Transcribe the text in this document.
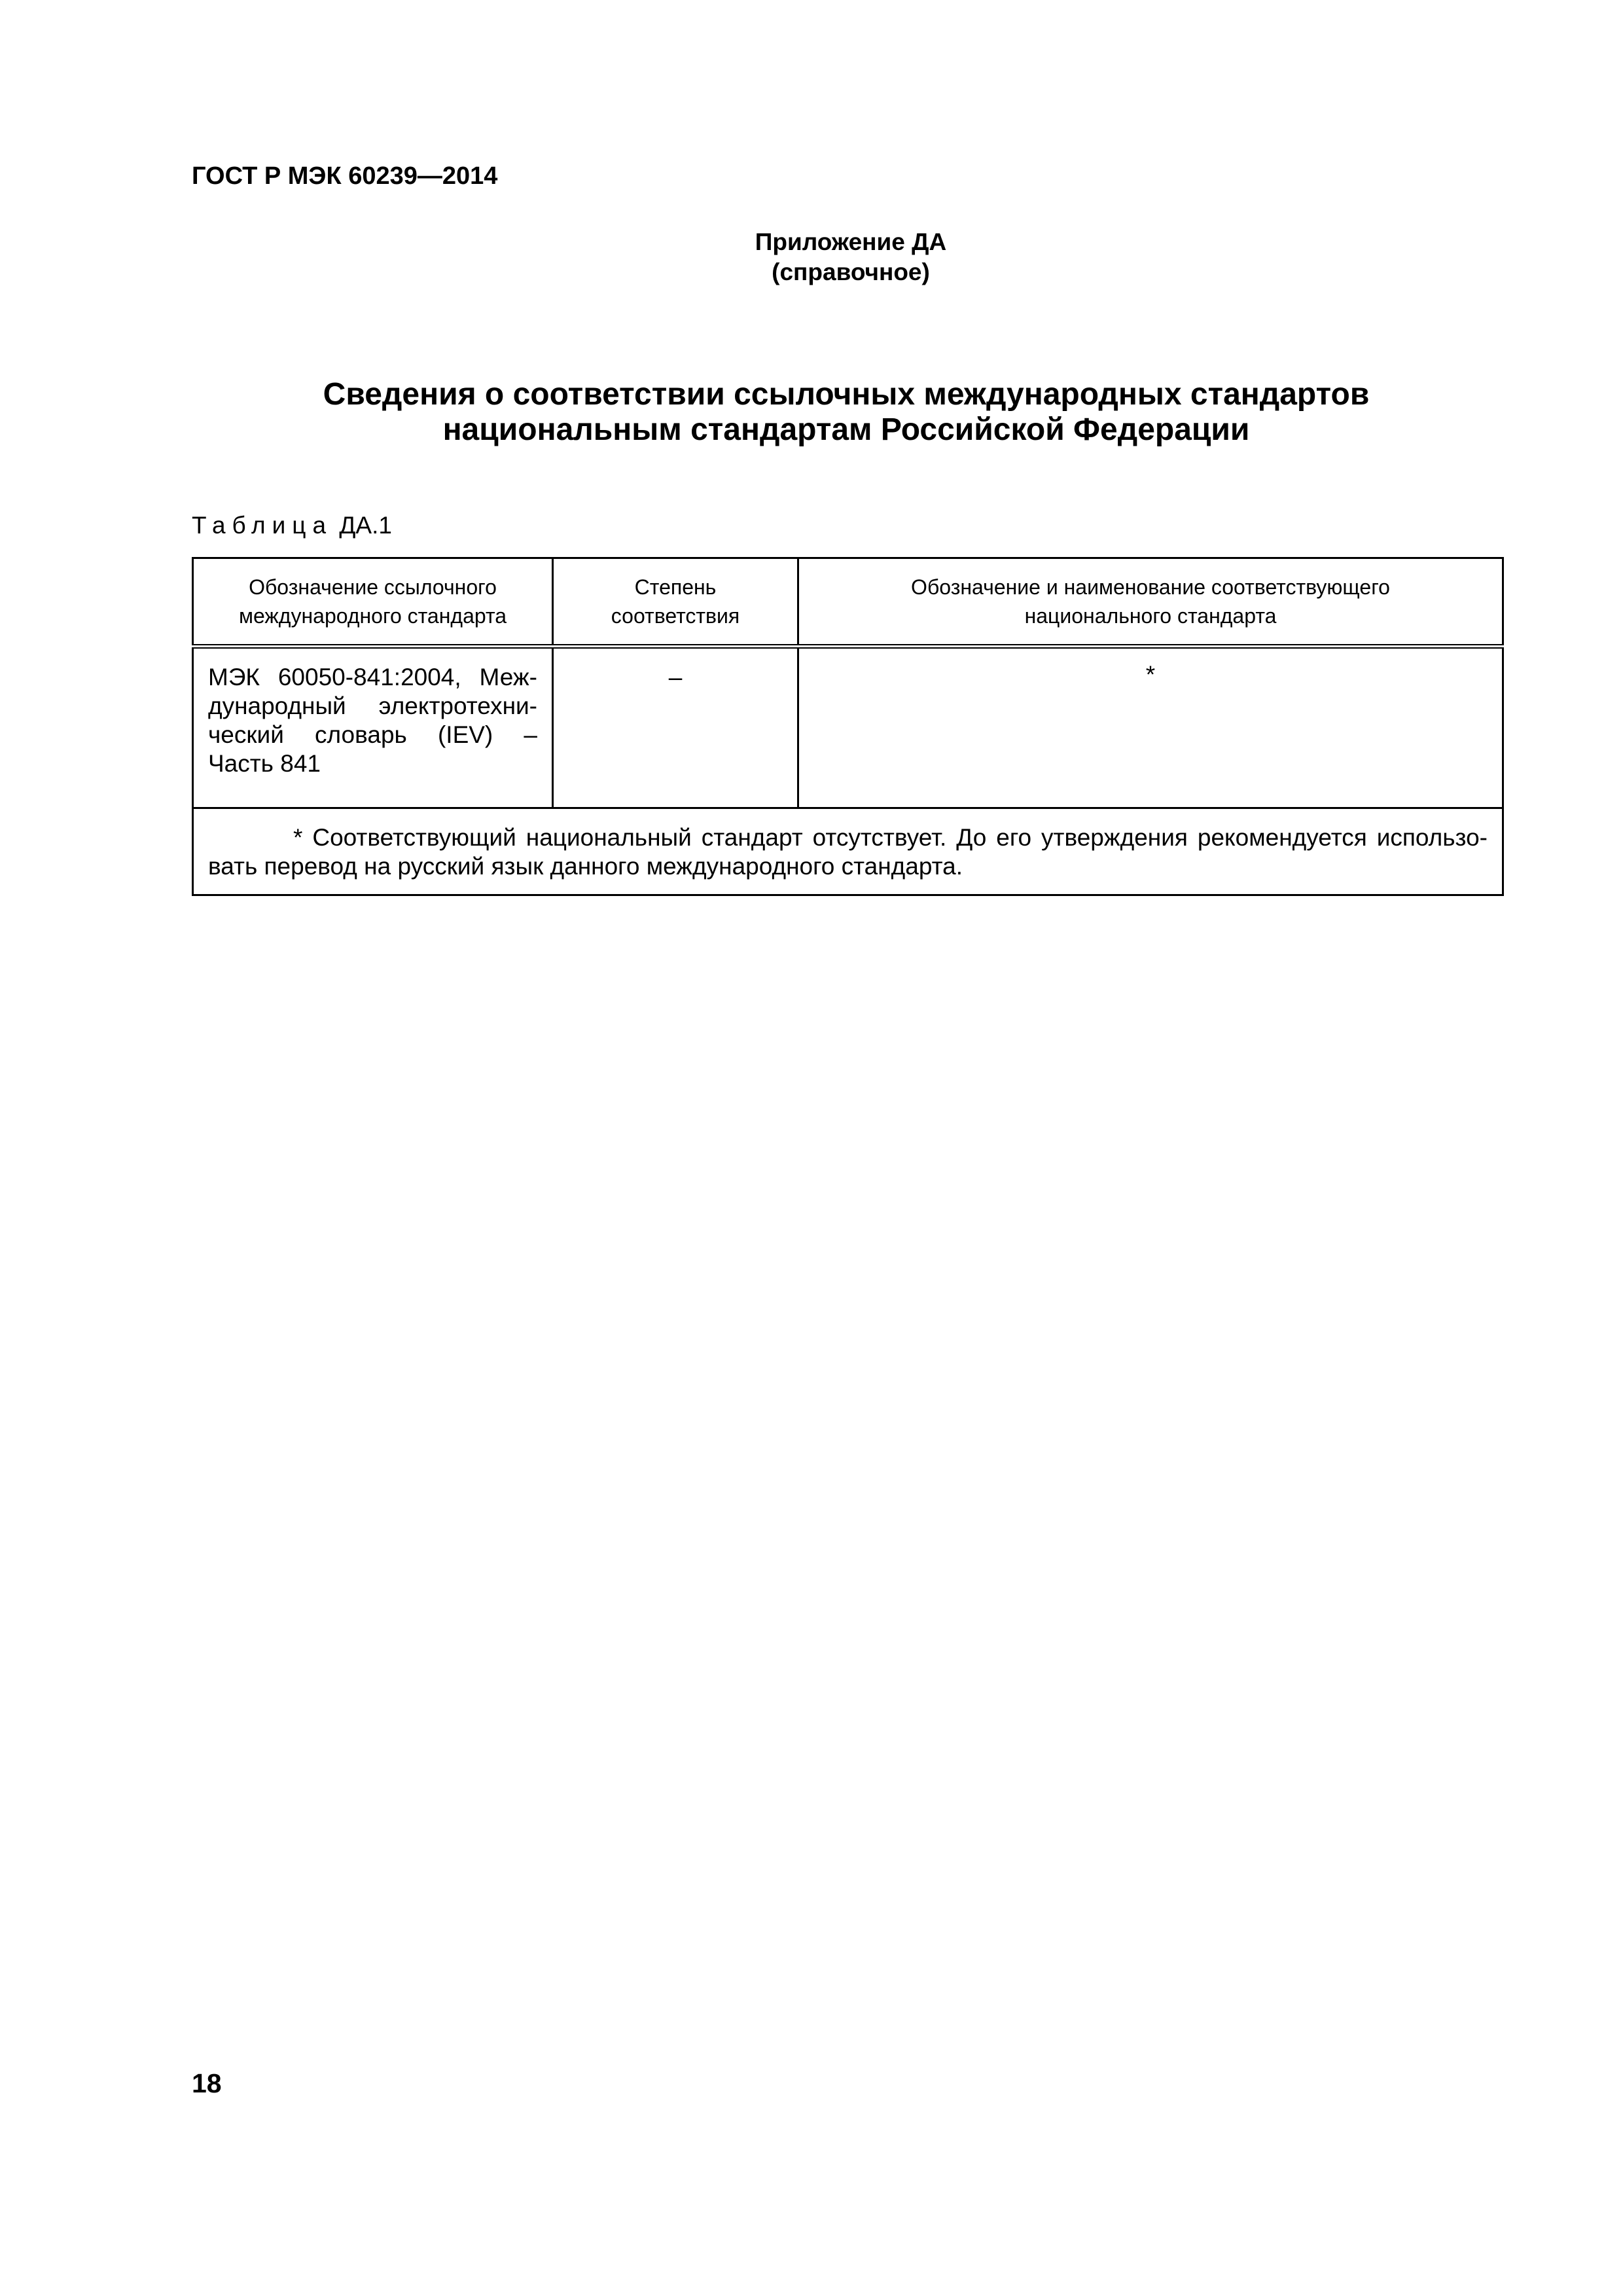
ГОСТ Р МЭК 60239—2014
Приложение ДА
(справочное)
Сведения о соответствии ссылочных международных стандартов
национальным стандартам Российской Федерации
Таблица ДА.1
Обозначение ссылочного международного стандарта	Степень соответствия	Обозначение и наименование соответствующего национального стандарта

МЭК 60050-841:2004, Меж-
дународный электротехни-
ческий словарь (IEV) –
Часть 841	–	*

* Соответствующий национальный стандарт отсутствует. До его утверждения рекомендуется использо-
вать перевод на русский язык данного международного стандарта.		
18
